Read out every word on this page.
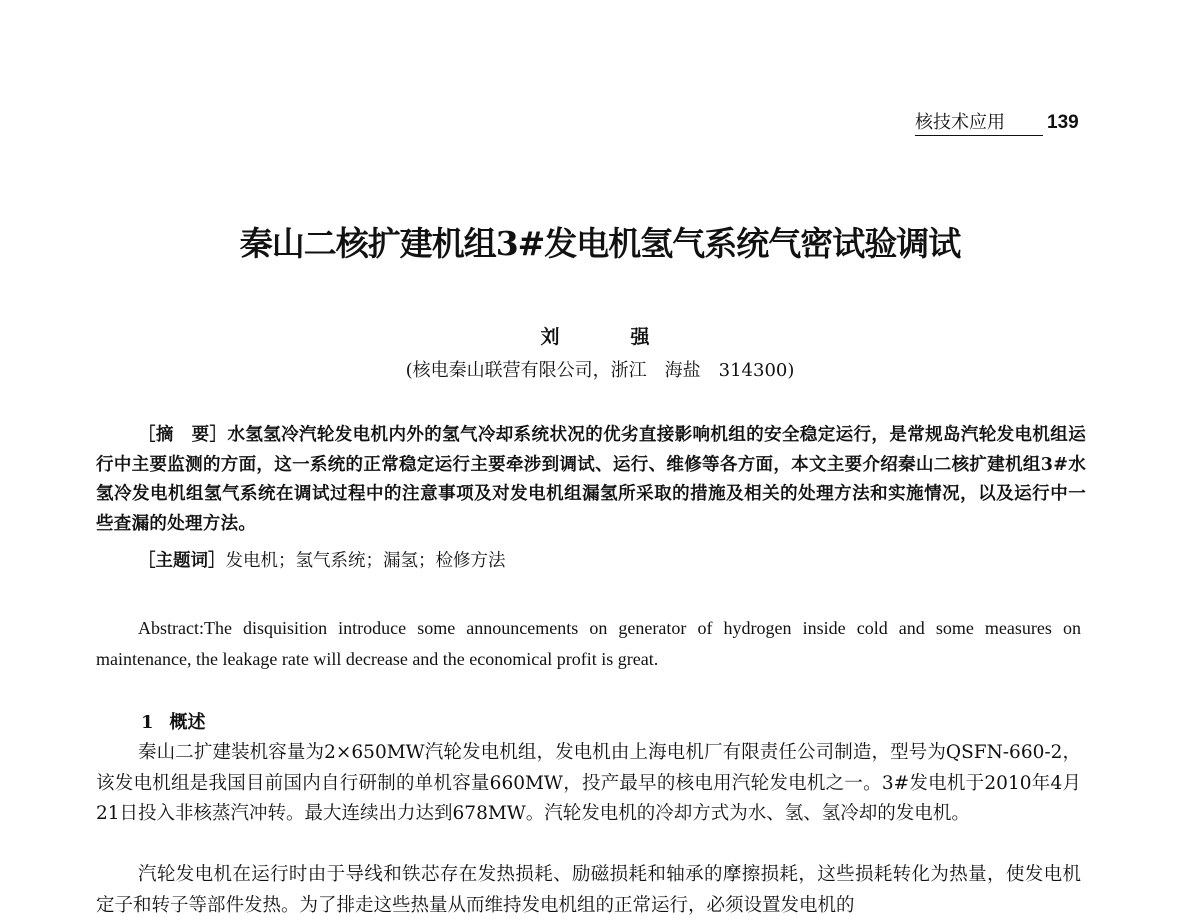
核技术应用 139
秦山二核扩建机组3#发电机氢气系统气密试验调试
刘　强
(核电秦山联营有限公司，浙江　海盐　314300)
［摘　要］水氢氢冷汽轮发电机内外的氢气冷却系统状况的优劣直接影响机组的安全稳定运行，是常规岛汽轮发电机组运行中主要监测的方面，这一系统的正常稳定运行主要牵涉到调试、运行、维修等各方面，本文主要介绍秦山二核扩建机组3#水氢冷发电机组氢气系统在调试过程中的注意事项及对发电机组漏氢所采取的措施及相关的处理方法和实施情况，以及运行中一些查漏的处理方法。
［主题词］发电机；氢气系统；漏氢；检修方法
Abstract:The disquisition introduce some announcements on generator of hydrogen inside cold and some measures on maintenance, the leakage rate will decrease and the economical profit is great.
1 概述
秦山二扩建装机容量为2×650MW汽轮发电机组，发电机由上海电机厂有限责任公司制造，型号为QSFN-660-2，该发电机组是我国目前国内自行研制的单机容量660MW，投产最早的核电用汽轮发电机之一。3#发电机于2010年4月21日投入非核蒸汽冲转。最大连续出力达到678MW。汽轮发电机的冷却方式为水、氢、氢冷却的发电机。
汽轮发电机在运行时由于导线和铁芯存在发热损耗、励磁损耗和轴承的摩擦损耗，这些损耗转化为热量，使发电机定子和转子等部件发热。为了排走这些热量从而维持发电机组的正常运行，必须设置发电机的
